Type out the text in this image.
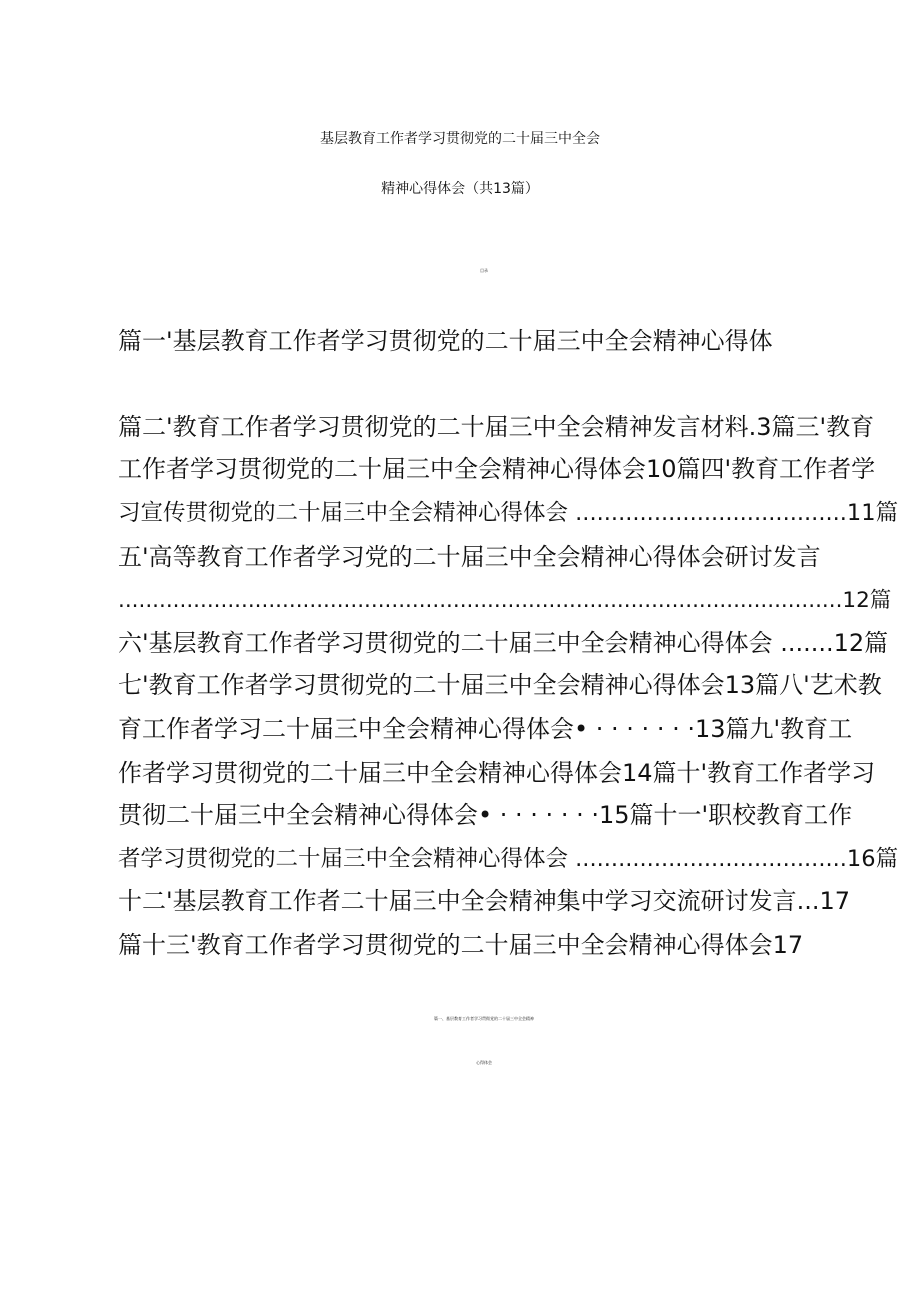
基层教育工作者学习贯彻党的二十届三中全会
精神心得体会（共13篇）
目录
篇一'基层教育工作者学习贯彻党的二十届三中全会精神心得体
篇二'教育工作者学习贯彻党的二十届三中全会精神发言材料.3篇三'教育
工作者学习贯彻党的二十届三中全会精神心得体会10篇四'教育工作者学
习宣传贯彻党的二十届三中全会精神心得体会 ......................................11篇
五'高等教育工作者学习党的二十届三中全会精神心得体会研讨发言
..........................................................................................................12篇
六'基层教育工作者学习贯彻党的二十届三中全会精神心得体会 .......12篇
七'教育工作者学习贯彻党的二十届三中全会精神心得体会13篇八'艺术教
育工作者学习二十届三中全会精神心得体会• · · · · · · ·13篇九'教育工
作者学习贯彻党的二十届三中全会精神心得体会14篇十'教育工作者学习
贯彻二十届三中全会精神心得体会• · · · · · · ·15篇十一'职校教育工作
者学习贯彻党的二十届三中全会精神心得体会 ......................................16篇
十二'基层教育工作者二十届三中全会精神集中学习交流研讨发言...17
篇十三'教育工作者学习贯彻党的二十届三中全会精神心得体会17
篇一、基层教育工作者学习贯彻党的二十届三中全会精神
心得体会
